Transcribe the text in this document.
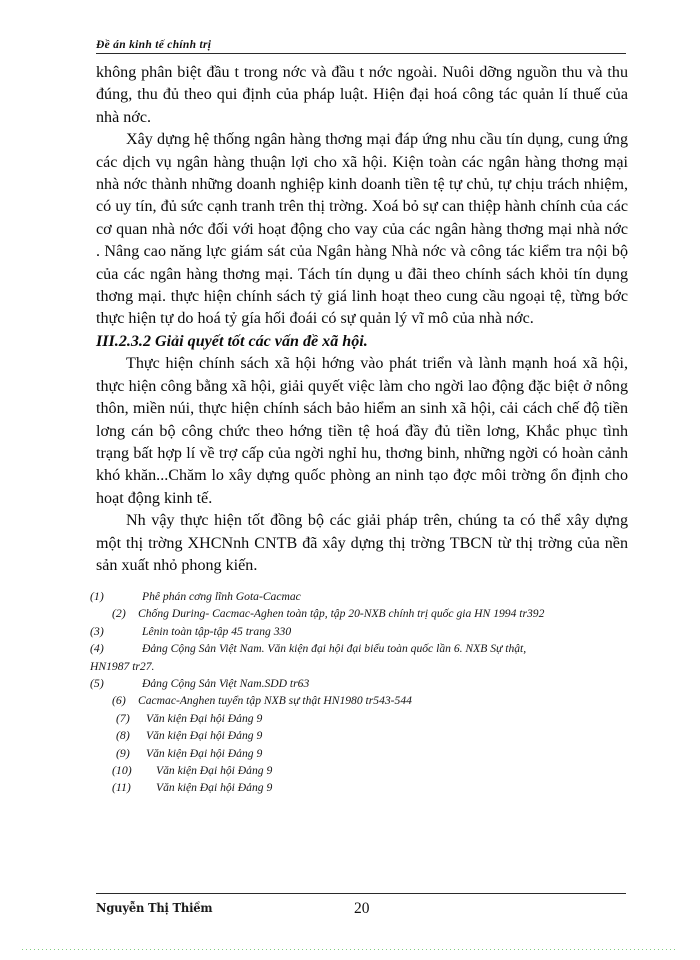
Đề án kinh tế chính trị

không phân biệt đầu t trong nớc và đầu t nớc ngoài. Nuôi dỡng nguồn thu và thu đúng, thu đủ theo qui định của pháp luật. Hiện đại hoá công tác quản lí thuế của nhà nớc.

Xây dựng hệ thống ngân hàng thơng mại đáp ứng nhu cầu tín dụng, cung ứng các dịch vụ ngân hàng thuận lợi cho xã hội. Kiện toàn các ngân hàng thơng mại nhà nớc thành những doanh nghiệp kinh doanh tiền tệ tự chủ, tự chịu trách nhiệm, có uy tín, đủ sức cạnh tranh trên thị trờng. Xoá bỏ sự can thiệp hành chính của các cơ quan nhà nớc đối với hoạt động cho vay của các ngân hàng thơng mại nhà nớc . Nâng cao năng lực giám sát của Ngân hàng Nhà nớc và công tác kiểm tra nội bộ của các ngân hàng thơng mại. Tách tín dụng u đãi theo chính sách khỏi tín dụng thơng mại. thực hiện chính sách tỷ giá linh hoạt theo cung cầu ngoại tệ, từng bớc thực hiện tự do hoá tỷ gía hối đoái có sự quản lý vĩ mô của nhà nớc.

III.2.3.2 Giải quyết tốt các vấn đề xã hội.

Thực hiện chính sách xã hội hớng vào phát triển và lành mạnh hoá xã hội, thực hiện công bằng xã hội, giải quyết việc làm cho ngời lao động đặc biệt ở nông thôn, miền núi, thực hiện chính sách bảo hiểm an sinh xã hội, cải cách chế độ tiền lơng cán bộ công chức theo hớng tiền tệ hoá đầy đủ tiền lơng, Khắc phục tình trạng bất hợp lí về trợ cấp của ngời nghỉ hu, thơng binh, những ngời có hoàn cảnh khó khăn...Chăm lo xây dựng quốc phòng an ninh tạo đợc môi trờng ổn định cho hoạt động kinh tế.

Nh vậy thực hiện tốt đồng bộ các giải pháp trên, chúng ta có thể xây dựng một thị trờng XHCNnh CNTB đã xây dựng thị trờng TBCN từ thị trờng của nền sản xuất nhỏ phong kiến.

(1)	Phê phán cơng lĩnh Gota-Cacmac
(2)	Chống During- Cacmac-Aghen toàn tập, tập 20-NXB chính trị quốc gia HN 1994 tr392
(3)	Lênin toàn tập-tập 45 trang 330
(4)	Đảng Cộng Sản Việt Nam. Văn kiện đại hội đại biểu toàn quốc lần 6. NXB Sự thật,
HN1987 tr27.
(5)	Đảng Cộng Sản Việt Nam.SDD tr63
(6)	Cacmac-Anghen tuyển tập NXB sự thật HN1980 tr543-544
(7)	Văn kiện Đại hội Đảng 9
(8)	Văn kiện Đại hội Đảng 9
(9)	Văn kiện Đại hội Đảng 9
(10)	Văn kiện Đại hội Đảng 9
(11)	Văn kiện Đại hội Đảng 9
Nguyễn Thị Thiềm	20
